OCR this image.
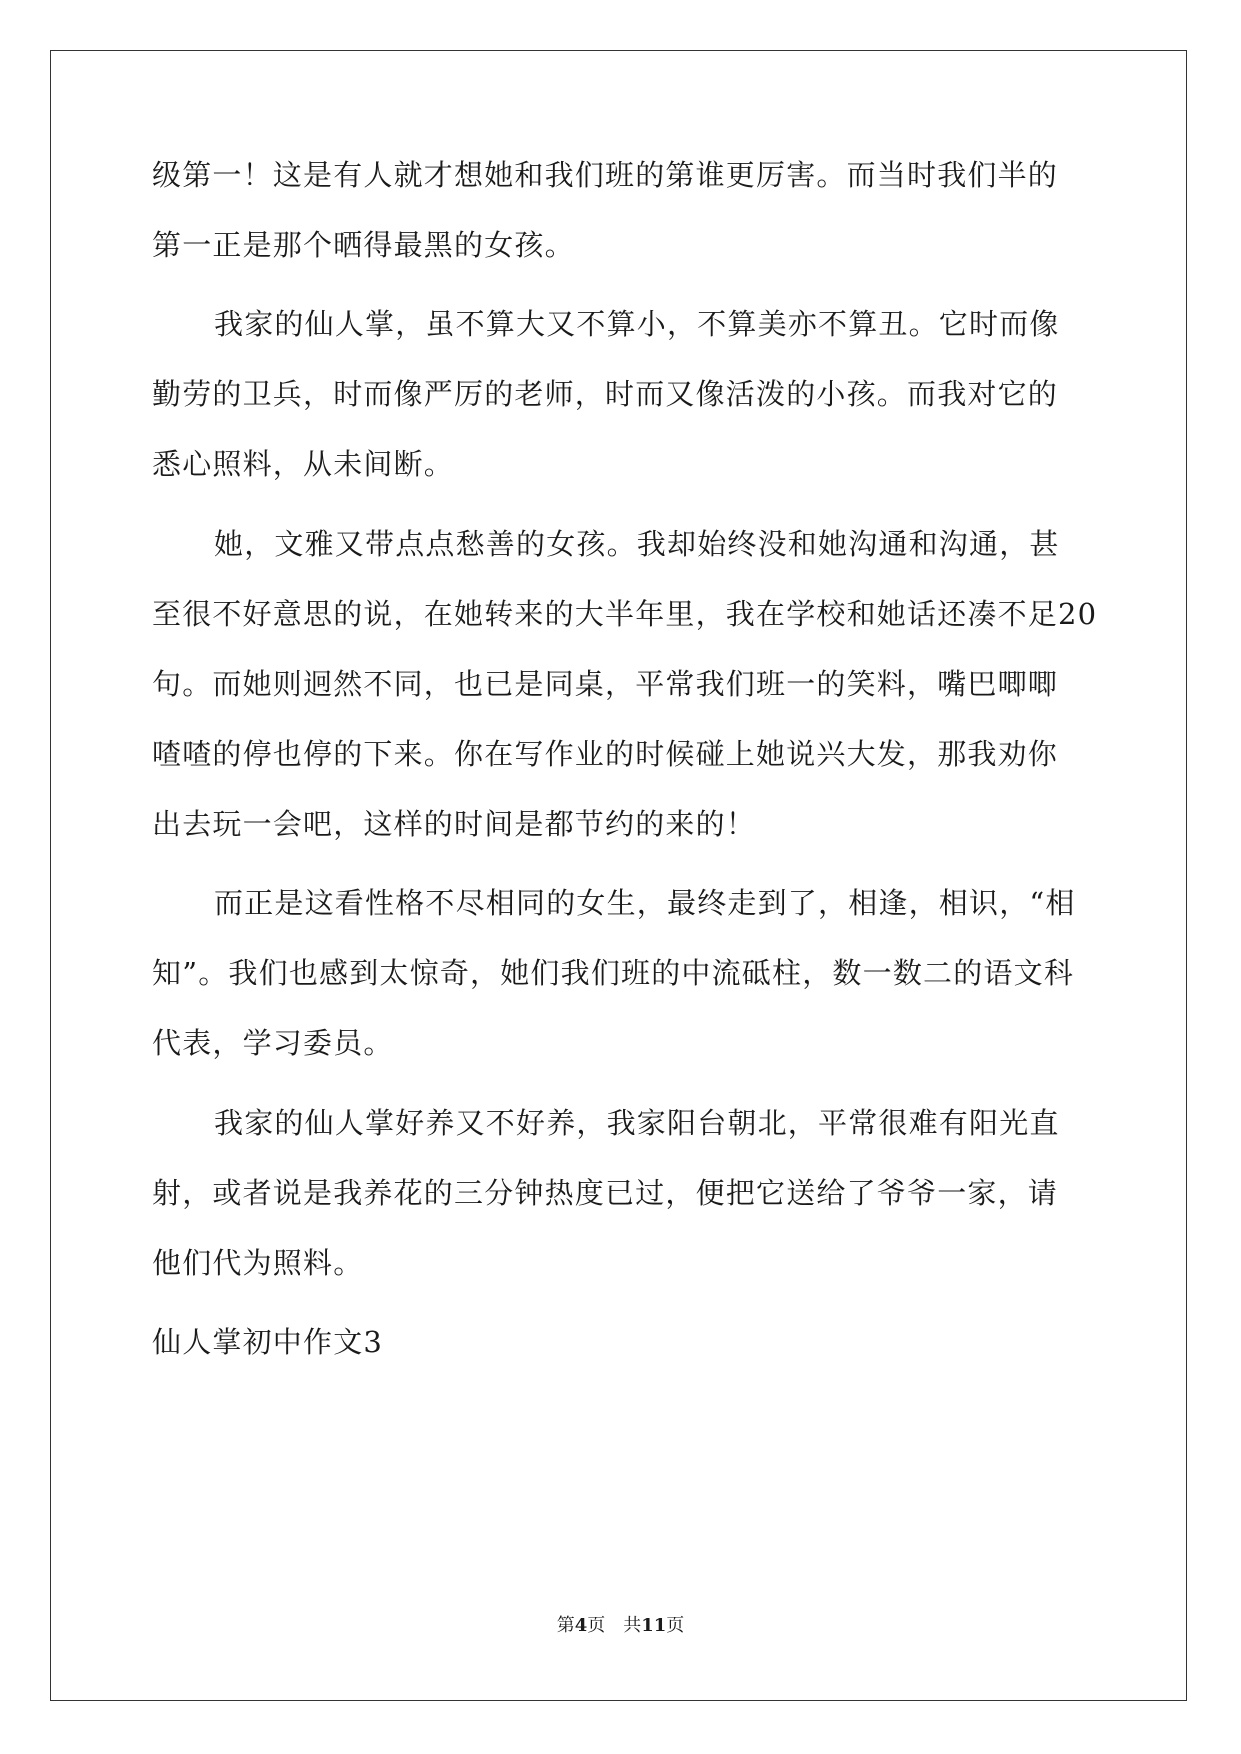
级第一！这是有人就才想她和我们班的第谁更厉害。而当时我们半的
第一正是那个晒得最黑的女孩。
我家的仙人掌，虽不算大又不算小，不算美亦不算丑。它时而像
勤劳的卫兵，时而像严厉的老师，时而又像活泼的小孩。而我对它的
悉心照料，从未间断。
她，文雅又带点点愁善的女孩。我却始终没和她沟通和沟通，甚
至很不好意思的说，在她转来的大半年里，我在学校和她话还凑不足20
句。而她则迥然不同，也已是同桌，平常我们班一的笑料，嘴巴唧唧
喳喳的停也停的下来。你在写作业的时候碰上她说兴大发，那我劝你
出去玩一会吧，这样的时间是都节约的来的！
而正是这看性格不尽相同的女生，最终走到了，相逢，相识，“相
知”。我们也感到太惊奇，她们我们班的中流砥柱，数一数二的语文科
代表，学习委员。
我家的仙人掌好养又不好养，我家阳台朝北，平常很难有阳光直
射，或者说是我养花的三分钟热度已过，便把它送给了爷爷一家，请
他们代为照料。
仙人掌初中作文3
第4页　共11页
